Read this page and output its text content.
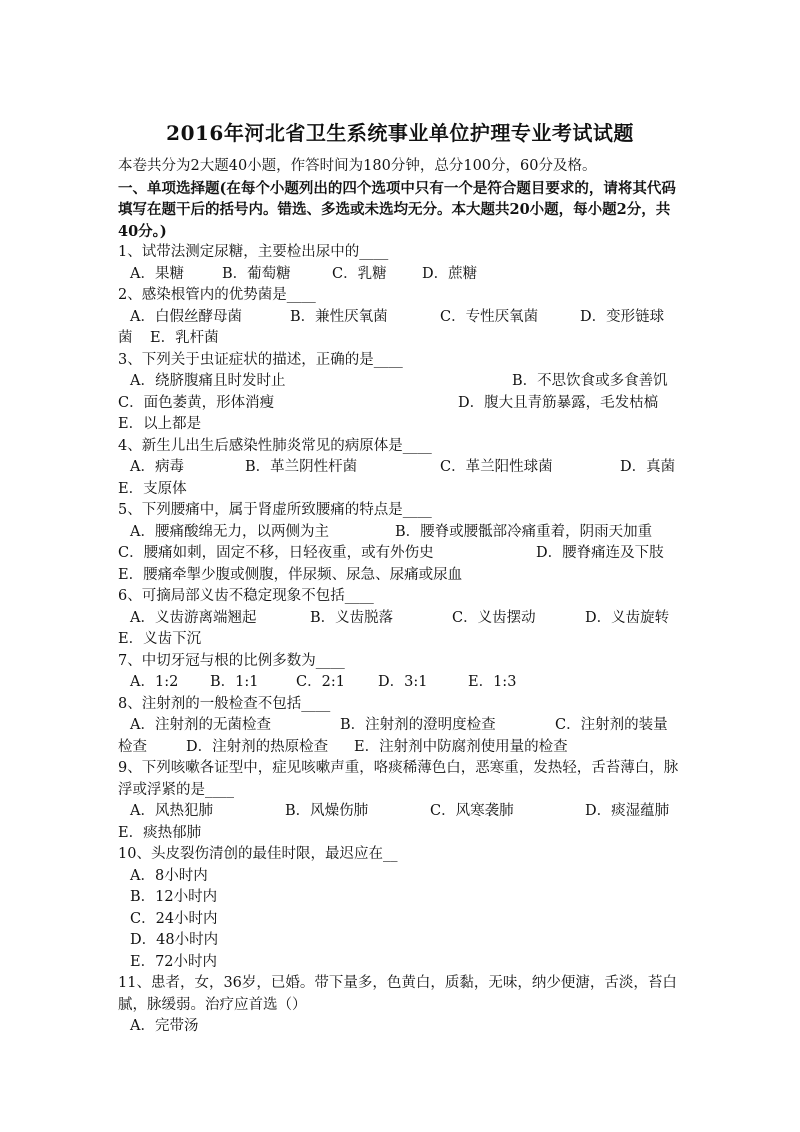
2016年河北省卫生系统事业单位护理专业考试试题
本卷共分为2大题40小题，作答时间为180分钟，总分100分，60分及格。
一、单项选择题(在每个小题列出的四个选项中只有一个是符合题目要求的，请将其代码填写在题干后的括号内。错选、多选或未选均无分。本大题共20小题，每小题2分，共40分。)
1、试带法测定尿糖，主要检出尿中的____
A．果糖	B．葡萄糖	C．乳糖	D．蔗糖
2、感染根管内的优势菌是____
A．白假丝酵母菌	B．兼性厌氧菌	C．专性厌氧菌	D．变形链球
菌	E．乳杆菌
3、下列关于虫证症状的描述，正确的是____
A．绕脐腹痛且时发时止	B．不思饮食或多食善饥
C．面色萎黄，形体消瘦	D．腹大且青筋暴露，毛发枯槁
E．以上都是
4、新生儿出生后感染性肺炎常见的病原体是____
A．病毒	B．革兰阴性杆菌	C．革兰阳性球菌	D．真菌
E．支原体
5、下列腰痛中，属于肾虚所致腰痛的特点是____
A．腰痛酸绵无力，以两侧为主	B．腰脊或腰骶部冷痛重着，阴雨天加重
C．腰痛如刺，固定不移，日轻夜重，或有外伤史	D．腰脊痛连及下肢
E．腰痛牵掣少腹或侧腹，伴尿频、尿急、尿痛或尿血
6、可摘局部义齿不稳定现象不包括____
A．义齿游离端翘起	B．义齿脱落	C．义齿摆动	D．义齿旋转
E．义齿下沉
7、中切牙冠与根的比例多数为____
A．1:2	B．1:1	C．2:1	D．3:1	E．1:3
8、注射剂的一般检查不包括____
A．注射剂的无菌检查	B．注射剂的澄明度检查	C．注射剂的装量
检查	D．注射剂的热原检查	E．注射剂中防腐剂使用量的检查
9、下列咳嗽各证型中，症见咳嗽声重，咯痰稀薄色白，恶寒重，发热轻，舌苔薄白，脉浮或浮紧的是____
A．风热犯肺	B．风燥伤肺	C．风寒袭肺	D．痰湿蕴肺
E．痰热郁肺
10、头皮裂伤清创的最佳时限，最迟应在__
A．8小时内
B．12小时内
C．24小时内
D．48小时内
E．72小时内
11、患者，女，36岁，已婚。带下量多，色黄白，质黏，无味，纳少便溏，舌淡，苔白腻，脉缓弱。治疗应首选（）
A．完带汤
